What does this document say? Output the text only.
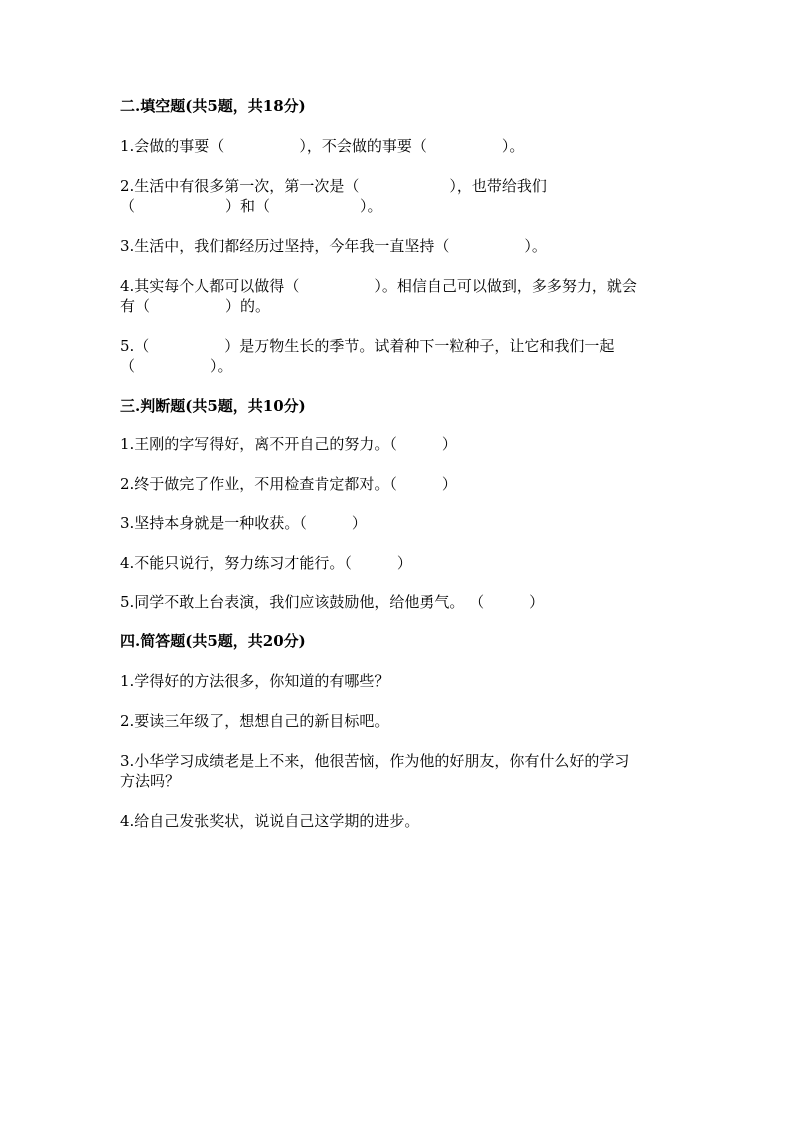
二.填空题(共5题，共18分)
1.会做的事要（　　　　　），不会做的事要（　　　　　）。
2.生活中有很多第一次，第一次是（　　　　　　），也带给我们
（　　　　　　）和（　　　　　　）。
3.生活中，我们都经历过坚持，今年我一直坚持（　　　　　）。
4.其实每个人都可以做得（　　　　　）。相信自己可以做到，多多努力，就会
有（　　　　　）的。
5.（　　　　　）是万物生长的季节。试着种下一粒种子，让它和我们一起
（　　　　　）。
三.判断题(共5题，共10分)
1.王刚的字写得好，离不开自己的努力。（　　　）
2.终于做完了作业，不用检查肯定都对。（　　　）
3.坚持本身就是一种收获。（　　　）
4.不能只说行，努力练习才能行。（　　　）
5.同学不敢上台表演，我们应该鼓励他，给他勇气。 （　　　）
四.简答题(共5题，共20分)
1.学得好的方法很多，你知道的有哪些？
2.要读三年级了，想想自己的新目标吧。
3.小华学习成绩老是上不来，他很苦恼，作为他的好朋友，你有什么好的学习
方法吗？
4.给自己发张奖状，说说自己这学期的进步。
